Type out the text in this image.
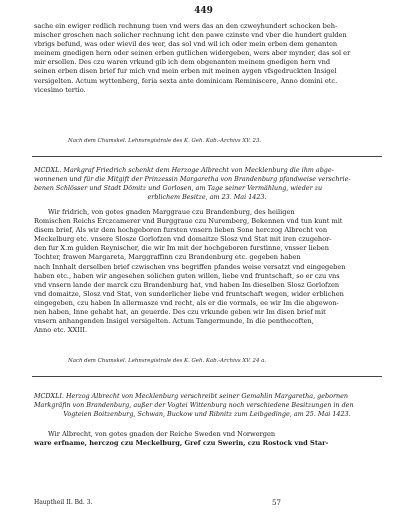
449
sache ein ewiger redlich rechnung tuen vnd wers das an den czweyhundert schocken beh-
mischer groschen nach solicher rechnung icht den pawe czinste vnd vber die hundert gulden
vbrigs befund, was oder wievil des wer, das sol vnd wil ich oder mein erben dem genanten
meinem gnedigen hern oder seinen erben gutlichen widergeben, wers aber mynder, das sol er
mir ersollen. Des czu waren vrkund gib ich dem obgenanten meinem gnedigen hern vnd
seinen erben disen brief fur mich vnd mein erben mit meinen aygen vfsgedruckten Insigel
versigelten. Actum wyttenberg, feria sexta ante dominicam Reminiscere, Anno domini etc.
vicesimo tertio.
Nach dem Chumskel. Lehnsregistrale des K. Geh. Kab.-Archivs XV. 23.
MCDXL. Markgraf Friedrich schenkt dem Herzoge Albrecht von Mecklenburg die ihm abge-
wonnenen und für die Mitgift der Prinzessin Margaretha von Brandenburg pfandweise verschrie-
benen Schlösser und Stadt Dömitz und Gorlosen, am Tage seiner Vermählung, wieder zu
erblichem Besitze, am 23. Mai 1423.
Wir fridrich, von gotes gnaden Marggraue czu Brandenburg, des heiligen
Romischen Reichs Erczcamerer vnd Burggraue czu Nuremberg, Bekennen vnd tun kunt mit
disem brief, Als wir dem hochgeboren fursten vnsern lieben Sone herczog Albrecht von
Meckelburg etc. vnsere Slosze Gorlofzen vnd domaitze Slosz vnd Stat mit iren czugehor-
den fur X.m gulden Reynischer, die wir Im mit der hochgeboren furstinne, vnsser lieben
Tochter, frawen Margareta, Marggraffinn czu Brandenburg etc. gegeben haben
nach Innhalt derselben brief czwischen vns begriffen pfandes weise versatzt vnd eingegeben
haben etc., haben wir angesehen solichen guten willen, liebe vnd fruntschaft, so er czu vns
vnd vnsern lande der marck czu Brandenburg hat, vnd haben Im dieselben Slosz Gorlofzen
vnd domaitze, Slosz vnd Stat, von sunderlicher liebe vnd fruntschaft wegen, wider erblichen
eingegeben, czu haben In allermasze vnd recht, als er die vormals, ee wir Im die abgewon-
nen haben, Inne gehabt hat, an geuerde. Des czu vrkunde geben wir Im disen brief mit
vnsern anhangenden Insigel versigelten. Actum Tangermunde, In die penthecoften,
Anno etc. XXIII.
Nach dem Chumskel. Lehnsregistrale des K. Geh. Kab.-Archivs XV. 24 a.
MCDXLI. Herzog Albrecht von Mecklenburg verschreibt seiner Gemahlin Margaretha, gebornen
Markgräfin von Brandenburg, außer der Vogtei Wittenburg noch verschiedene Besitzungen in den
Vogteien Boitzenburg, Schwan, Buckow und Ribnitz zum Leibgedinge, am 25. Mai 1423.
Wir Albrecht, von gotes gnaden der Reiche Sweden vnd Norwergen
ware erfname, herczog czu Meckelburg, Gref czu Swerin, czu Rostock vnd Star-
Hauptheil II. Bd. 3.	57
